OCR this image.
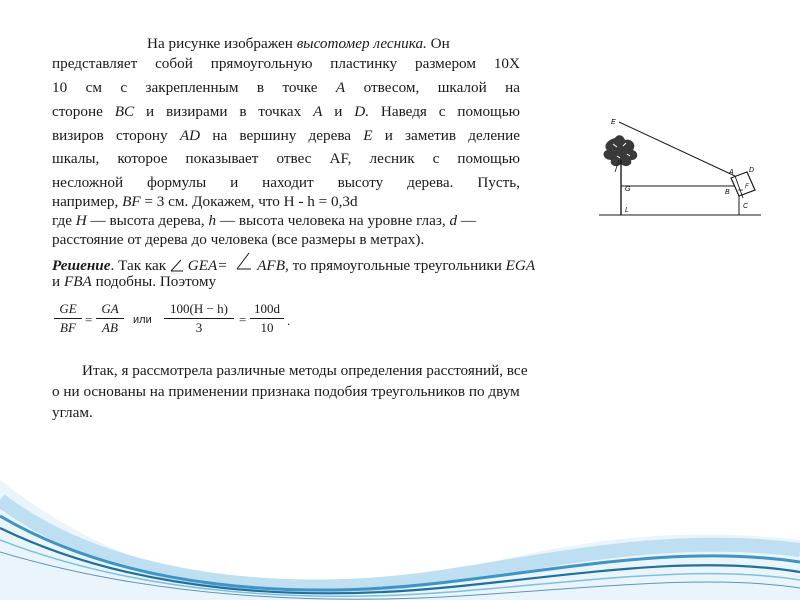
На рисунке изображен высотомер лесника. Он
представляет собой прямоугольную пластинку размером 10Х
10 см с закрепленным в точке A отвесом, шкалой на
стороне BC и визирами в точках A и D. Наведя с помощью
визиров сторону AD на вершину дерева E и заметив деление
шкалы, которое показывает отвес AF, лесник с помощью
несложной формулы и находит высоту дерева. Пусть,
например, BF = 3 см. Докажем, что H - h = 0,3d
где H — высота дерева, h — высота человека на уровне глаз, d —
расстояние от дерева до человека (все размеры в метрах).
Решение. Так как GEA= AFB, то прямоугольные треугольники EGA
и FBA подобны. Поэтому
GE
BF
=
GA
AB	или
100(H − h)
3
=
100d
10	.
Итак, я рассмотрела различные методы определения расстояний, все
о ни основаны на применении признака подобия треугольников по двум
углам.
E
G
L
A D
F
B
C
